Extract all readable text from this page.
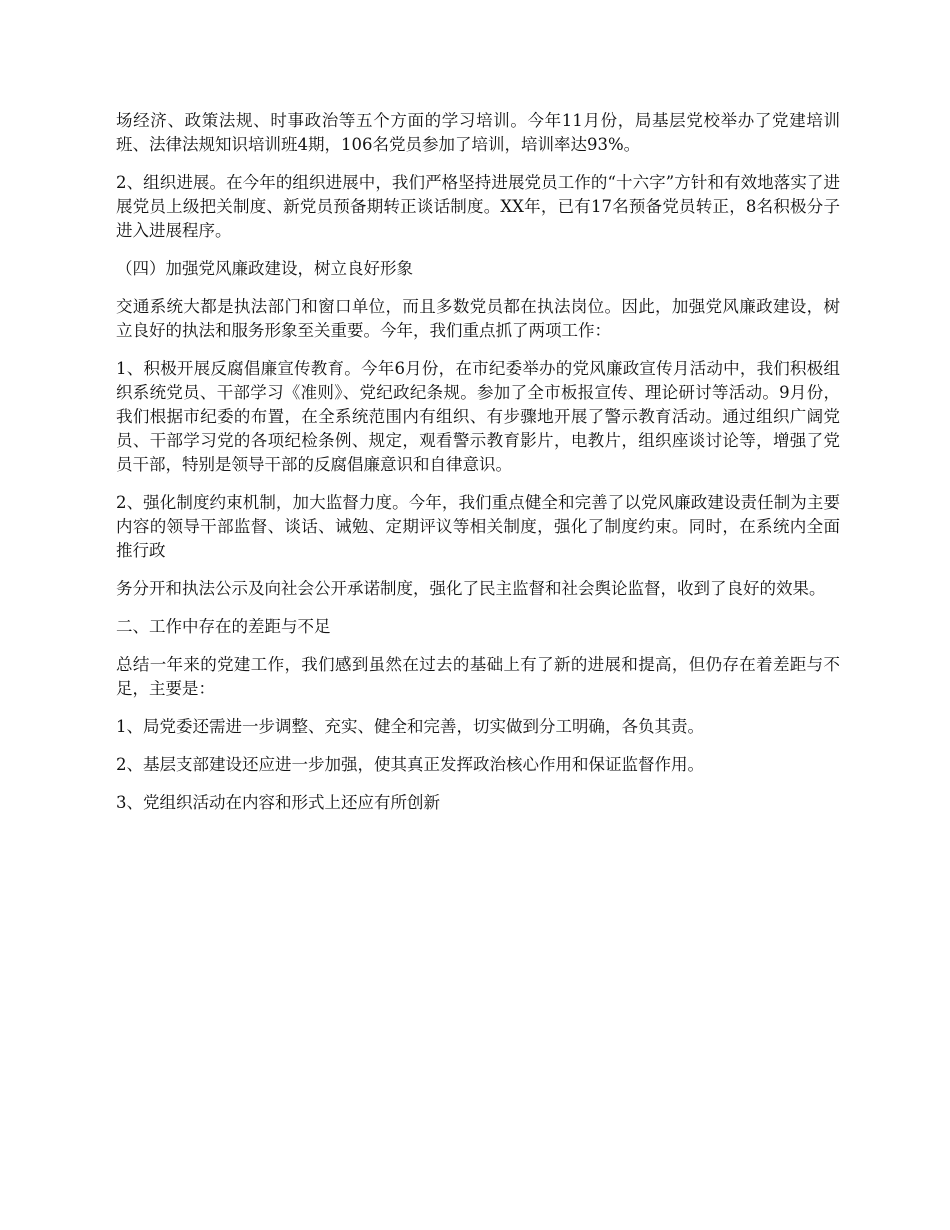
场经济、政策法规、时事政治等五个方面的学习培训。今年11月份，局基层党校举办了党建培训班、法律法规知识培训班4期，106名党员参加了培训，培训率达93%。

2、组织进展。在今年的组织进展中，我们严格坚持进展党员工作的“十六字”方针和有效地落实了进展党员上级把关制度、新党员预备期转正谈话制度。XX年，已有17名预备党员转正，8名积极分子进入进展程序。

（四）加强党风廉政建设，树立良好形象

交通系统大都是执法部门和窗口单位，而且多数党员都在执法岗位。因此，加强党风廉政建设，树立良好的执法和服务形象至关重要。今年，我们重点抓了两项工作：

1、积极开展反腐倡廉宣传教育。今年6月份，在市纪委举办的党风廉政宣传月活动中，我们积极组织系统党员、干部学习《准则》、党纪政纪条规。参加了全市板报宣传、理论研讨等活动。9月份，我们根据市纪委的布置，在全系统范围内有组织、有步骤地开展了警示教育活动。通过组织广阔党员、干部学习党的各项纪检条例、规定，观看警示教育影片，电教片，组织座谈讨论等，增强了党员干部，特别是领导干部的反腐倡廉意识和自律意识。

2、强化制度约束机制，加大监督力度。今年，我们重点健全和完善了以党风廉政建设责任制为主要内容的领导干部监督、谈话、诫勉、定期评议等相关制度，强化了制度约束。同时，在系统内全面推行政

务分开和执法公示及向社会公开承诺制度，强化了民主监督和社会舆论监督，收到了良好的效果。

二、工作中存在的差距与不足

总结一年来的党建工作，我们感到虽然在过去的基础上有了新的进展和提高，但仍存在着差距与不足，主要是：

1、局党委还需进一步调整、充实、健全和完善，切实做到分工明确，各负其责。

2、基层支部建设还应进一步加强，使其真正发挥政治核心作用和保证监督作用。

3、党组织活动在内容和形式上还应有所创新
